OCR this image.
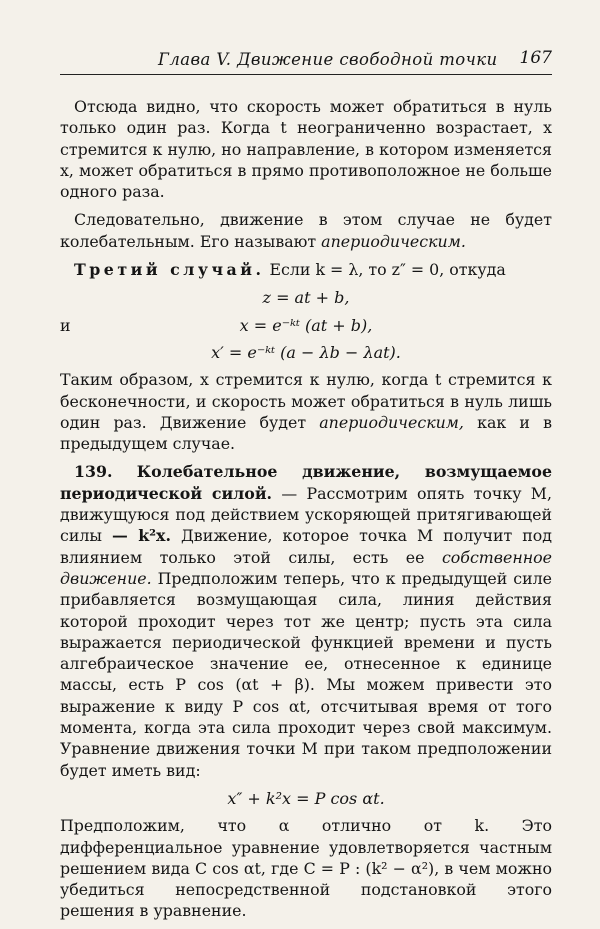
Глава V. Движение свободной точки 167

Отсюда видно, что скорость может обратиться в нуль только один раз. Когда t неограниченно возрастает, x стремится к нулю, но направление, в котором изменяется x, может обратиться в прямо противоположное не больше одного раза.

Следовательно, движение в этом случае не будет колебательным. Его называют апериодическим.

Третий случай. Если k = λ, то z″ = 0, откуда

z = at + b,
и	x = e⁻ᵏᵗ (at + b),
x′ = e⁻ᵏᵗ (a − λb − λat).

Таким образом, x стремится к нулю, когда t стремится к бесконечности, и скорость может обратиться в нуль лишь один раз. Движение будет апериодическим, как и в предыдущем случае.

139. Колебательное движение, возмущаемое периодической силой. — Рассмотрим опять точку M, движущуюся под действием ускоряющей притягивающей силы — k²x. Движение, которое точка M получит под влиянием только этой силы, есть ее собственное движение. Предположим теперь, что к предыдущей силе прибавляется возмущающая сила, линия действия которой проходит через тот же центр; пусть эта сила выражается периодической функцией времени и пусть алгебраическое значение ее, отнесенное к единице массы, есть P cos (αt + β). Мы можем привести это выражение к виду P cos αt, отсчитывая время от того момента, когда эта сила проходит через свой максимум. Уравнение движения точки M при таком предположении будет иметь вид:

x″ + k²x = P cos αt.

Предположим, что α отлично от k. Это дифференциальное уравнение удовлетворяется частным решением вида C cos αt, где C = P : (k² − α²), в чем можно убедиться непосредственной подстановкой этого решения в уравнение.
